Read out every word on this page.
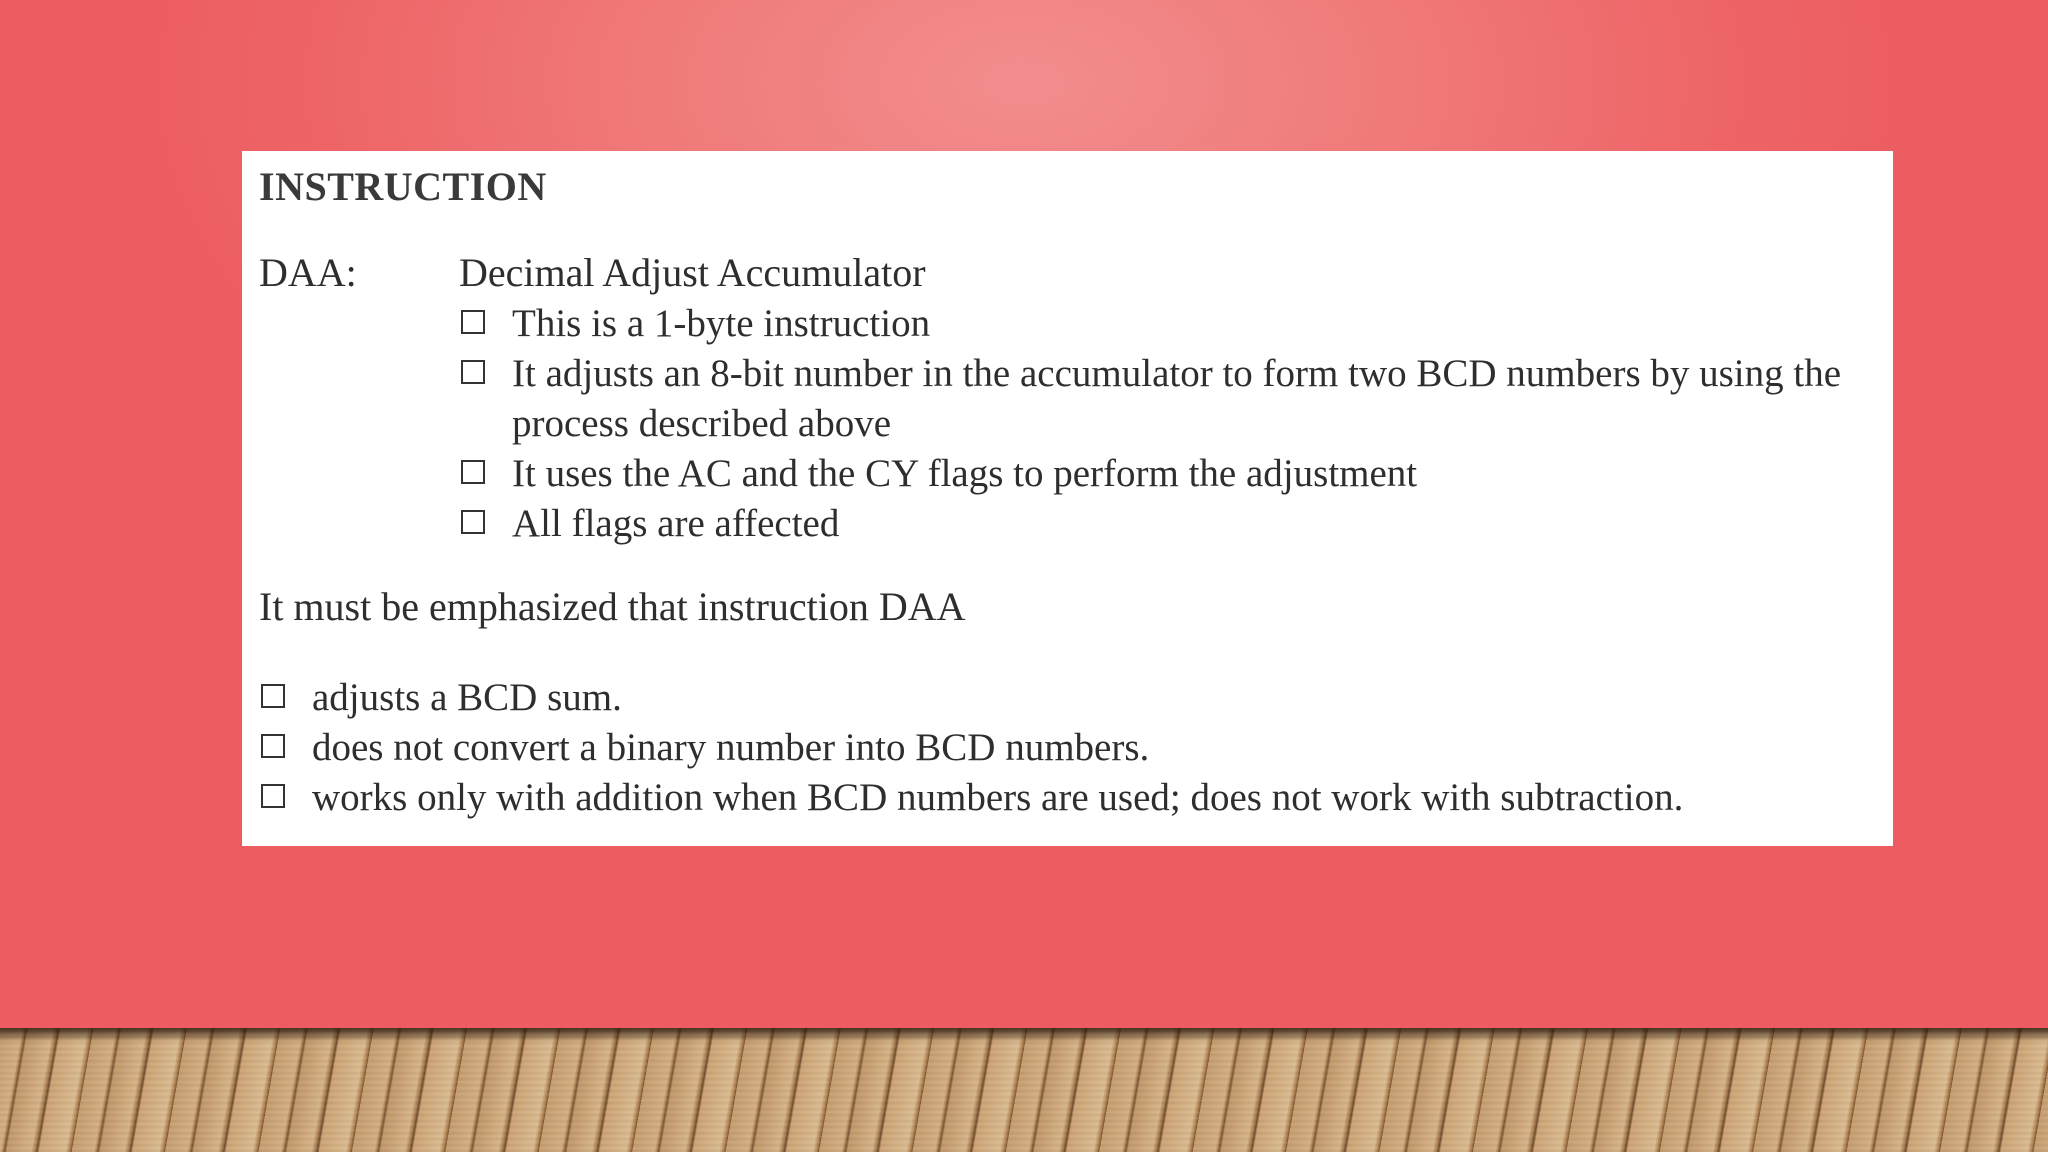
INSTRUCTION
DAA:	Decimal Adjust Accumulator
This is a 1-byte instruction
It adjusts an 8-bit number in the accumulator to form two BCD numbers by using the process described above
It uses the AC and the CY flags to perform the adjustment
All flags are affected
It must be emphasized that instruction DAA
adjusts a BCD sum.
does not convert a binary number into BCD numbers.
works only with addition when BCD numbers are used; does not work with subtraction.
